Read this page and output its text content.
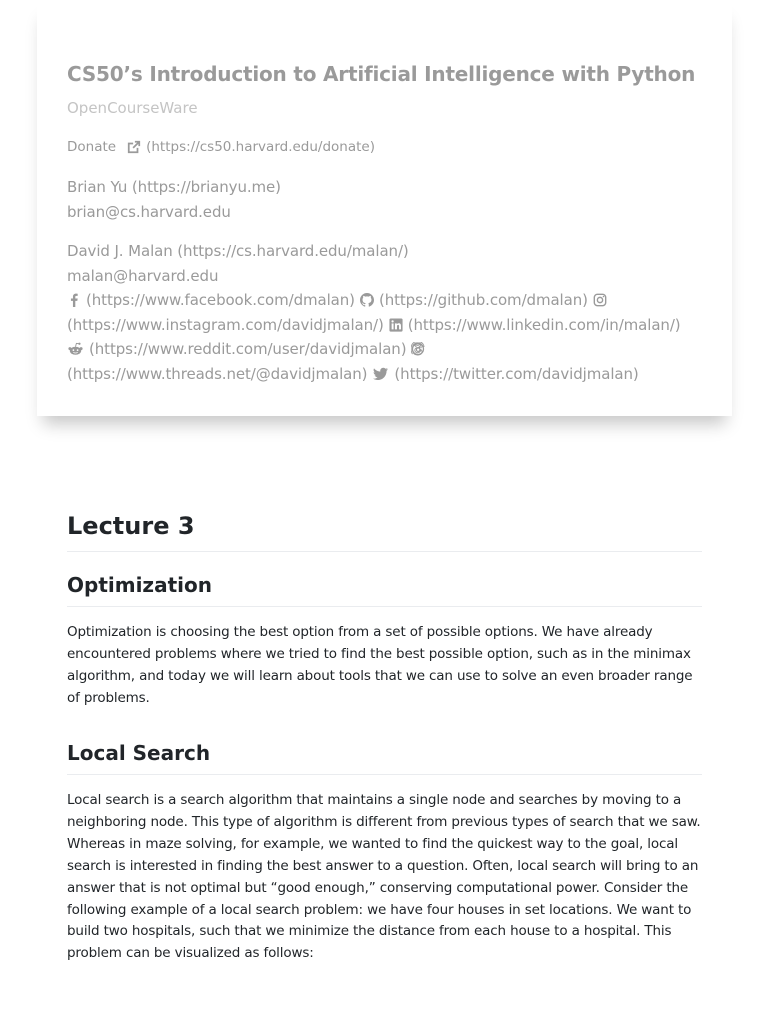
CS50’s Introduction to Artificial Intelligence with Python
OpenCourseWare
Donate (https://cs50.harvard.edu/donate)
Brian Yu (https://brianyu.me)
brian@cs.harvard.edu
David J. Malan (https://cs.harvard.edu/malan/)
malan@harvard.edu
(https://www.facebook.com/dmalan) (https://github.com/dmalan)
(https://www.instagram.com/davidjmalan/) (https://www.linkedin.com/in/malan/)
(https://www.reddit.com/user/davidjmalan)
(https://www.threads.net/@davidjmalan) (https://twitter.com/davidjmalan)
Lecture 3
Optimization

Optimization is choosing the best option from a set of possible options. We have already
encountered problems where we tried to find the best possible option, such as in the minimax
algorithm, and today we will learn about tools that we can use to solve an even broader range
of problems.

Local Search

Local search is a search algorithm that maintains a single node and searches by moving to a
neighboring node. This type of algorithm is different from previous types of search that we saw.
Whereas in maze solving, for example, we wanted to find the quickest way to the goal, local
search is interested in finding the best answer to a question. Often, local search will bring to an
answer that is not optimal but “good enough,” conserving computational power. Consider the
following example of a local search problem: we have four houses in set locations. We want to
build two hospitals, such that we minimize the distance from each house to a hospital. This
problem can be visualized as follows:
